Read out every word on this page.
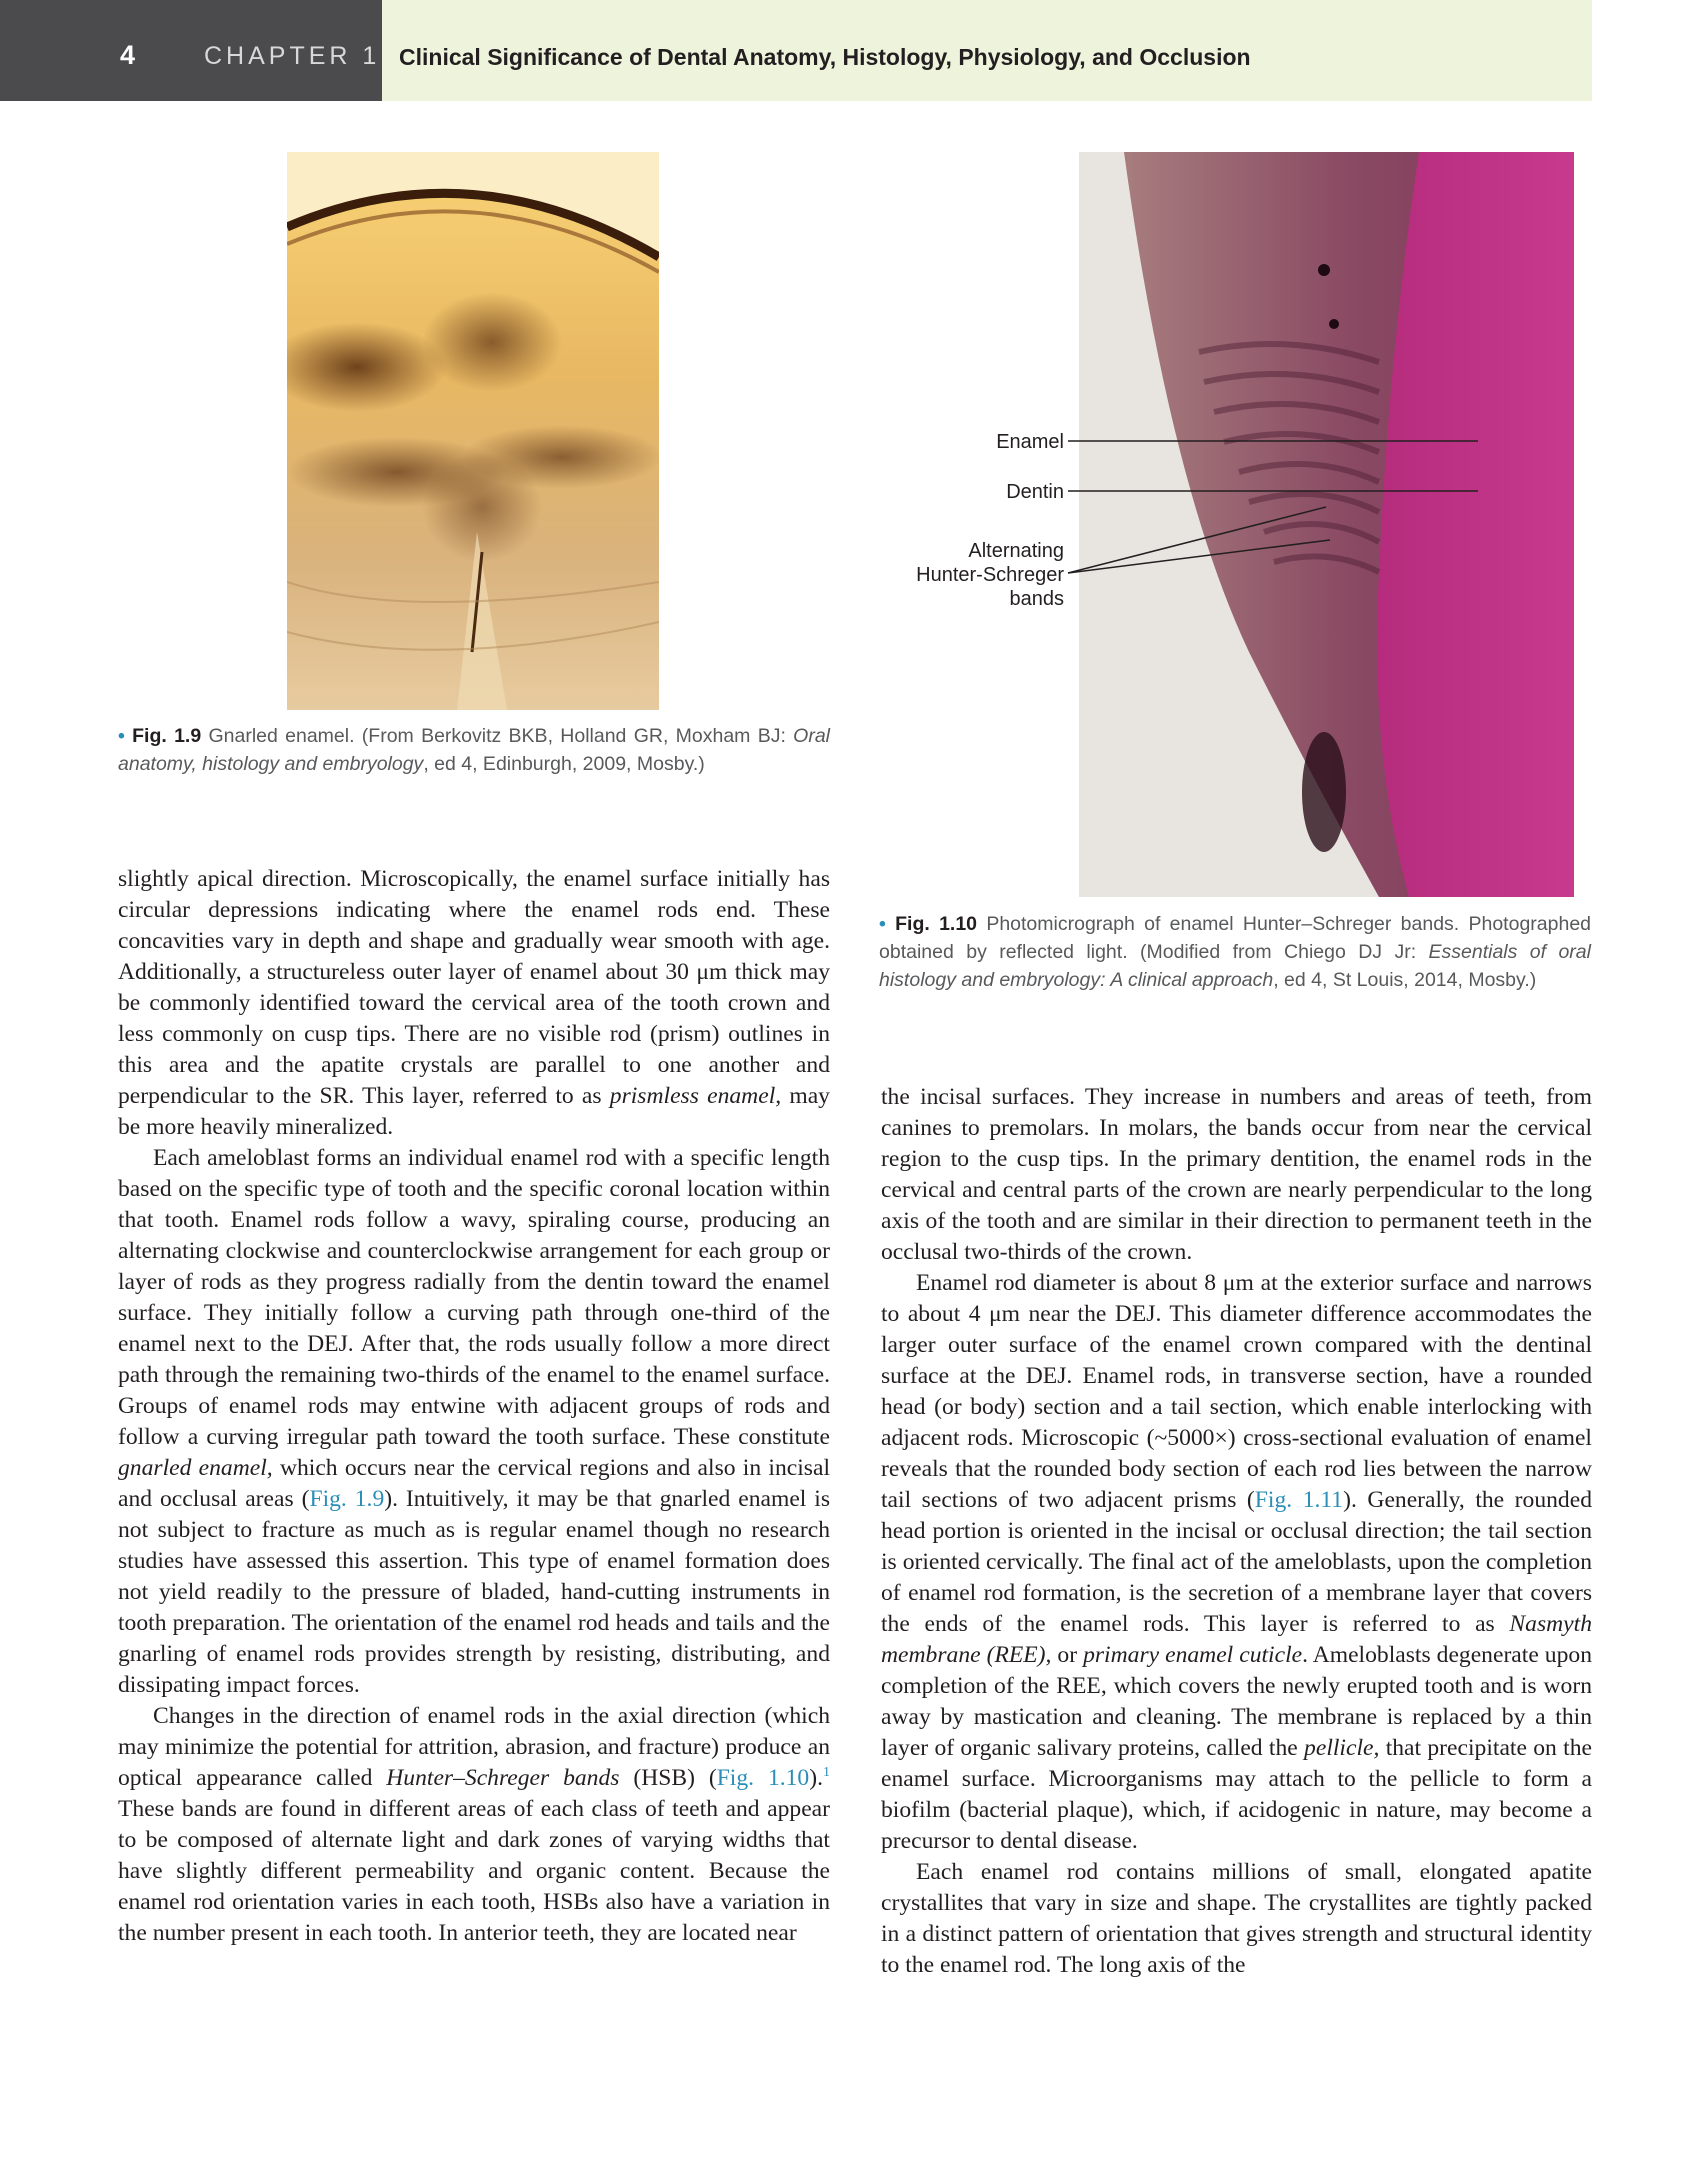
4	CHAPTER 1 Clinical Significance of Dental Anatomy, Histology, Physiology, and Occlusion
• Fig. 1.9 Gnarled enamel. (From Berkovitz BKB, Holland GR, Moxham BJ: Oral anatomy, histology and embryology, ed 4, Edinburgh, 2009, Mosby.)
Enamel
Dentin
Alternating
Hunter-Schreger
bands
• Fig. 1.10 Photomicrograph of enamel Hunter–Schreger bands. Photographed obtained by reflected light. (Modified from Chiego DJ Jr: Essentials of oral histology and embryology: A clinical approach, ed 4, St Louis, 2014, Mosby.)

slightly apical direction. Microscopically, the enamel surface initially has circular depressions indicating where the enamel rods end. These concavities vary in depth and shape and gradually wear smooth with age. Additionally, a structureless outer layer of enamel about 30 μm thick may be commonly identified toward the cervical area of the tooth crown and less commonly on cusp tips. There are no visible rod (prism) outlines in this area and the apatite crystals are parallel to one another and perpendicular to the SR. This layer, referred to as prismless enamel, may be more heavily mineralized.

Each ameloblast forms an individual enamel rod with a specific length based on the specific type of tooth and the specific coronal location within that tooth. Enamel rods follow a wavy, spiraling course, producing an alternating clockwise and counterclockwise arrangement for each group or layer of rods as they progress radially from the dentin toward the enamel surface. They initially follow a curving path through one-third of the enamel next to the DEJ. After that, the rods usually follow a more direct path through the remaining two-thirds of the enamel to the enamel surface. Groups of enamel rods may entwine with adjacent groups of rods and follow a curving irregular path toward the tooth surface. These constitute gnarled enamel, which occurs near the cervical regions and also in incisal and occlusal areas (Fig. 1.9). Intuitively, it may be that gnarled enamel is not subject to fracture as much as is regular enamel though no research studies have assessed this assertion. This type of enamel formation does not yield readily to the pressure of bladed, hand-cutting instruments in tooth preparation. The orientation of the enamel rod heads and tails and the gnarling of enamel rods provides strength by resisting, distributing, and dissipating impact forces.

Changes in the direction of enamel rods in the axial direction (which may minimize the potential for attrition, abrasion, and fracture) produce an optical appearance called Hunter–Schreger bands (HSB) (Fig. 1.10).$^1$ These bands are found in different areas of each class of teeth and appear to be composed of alternate light and dark zones of varying widths that have slightly different permeability and organic content. Because the enamel rod orientation varies in each tooth, HSBs also have a variation in the number present in each tooth. In anterior teeth, they are located near

the incisal surfaces. They increase in numbers and areas of teeth, from canines to premolars. In molars, the bands occur from near the cervical region to the cusp tips. In the primary dentition, the enamel rods in the cervical and central parts of the crown are nearly perpendicular to the long axis of the tooth and are similar in their direction to permanent teeth in the occlusal two-thirds of the crown.

Enamel rod diameter is about 8 μm at the exterior surface and narrows to about 4 μm near the DEJ. This diameter difference accommodates the larger outer surface of the enamel crown compared with the dentinal surface at the DEJ. Enamel rods, in transverse section, have a rounded head (or body) section and a tail section, which enable interlocking with adjacent rods. Microscopic (~5000×) cross-sectional evaluation of enamel reveals that the rounded body section of each rod lies between the narrow tail sections of two adjacent prisms (Fig. 1.11). Generally, the rounded head portion is oriented in the incisal or occlusal direction; the tail section is oriented cervically. The final act of the ameloblasts, upon the completion of enamel rod formation, is the secretion of a membrane layer that covers the ends of the enamel rods. This layer is referred to as Nasmyth membrane (REE), or primary enamel cuticle. Ameloblasts degenerate upon completion of the REE, which covers the newly erupted tooth and is worn away by mastication and cleaning. The membrane is replaced by a thin layer of organic salivary proteins, called the pellicle, that precipitate on the enamel surface. Microorganisms may attach to the pellicle to form a biofilm (bacterial plaque), which, if acidogenic in nature, may become a precursor to dental disease.

Each enamel rod contains millions of small, elongated apatite crystallites that vary in size and shape. The crystallites are tightly packed in a distinct pattern of orientation that gives strength and structural identity to the enamel rod. The long axis of the
